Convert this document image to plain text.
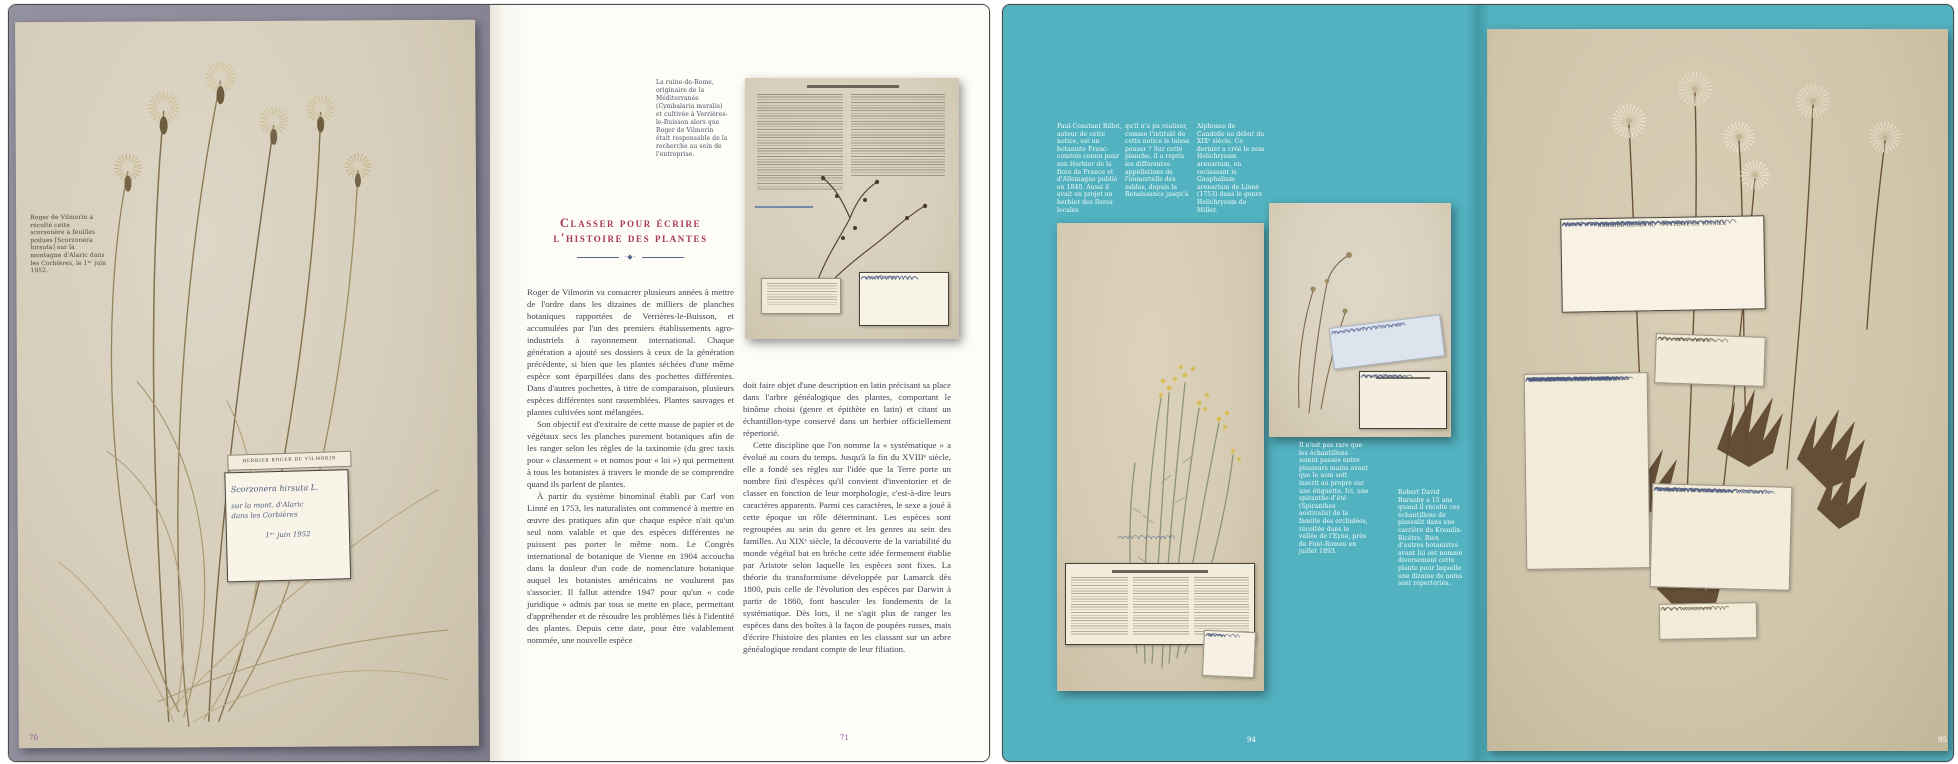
Roger de Vilmorin a récolté cette scorsonère à feuilles poilues [Scorzonera hirsuta] sur la montagne d'Alaric dans les Corbières, le 1ᵉʳ juin 1952.
HERBIER ROGER DE VILMORIN
Scorzonera hirsuta L.
sur la mont. d'Alaric
dans les Corbières
1ᵉʳ juin 1952
70
La ruine-de-Rome, originaire de la Méditerranée (Cymbalaria muralis) et cultivée à Verrières-le-Buisson alors que Roger de Vilmorin était responsable de la recherche au sein de l'entreprise.
Classer pour écrire
l'histoire des plantes
·◆·

Roger de Vilmorin va consacrer plusieurs années à mettre de l'ordre dans les dizaines de milliers de planches botaniques rapportées de Verrières-le-Buisson, et accumulées par l'un des premiers établissements agro-industriels à rayonnement international. Chaque génération a ajouté ses dossiers à ceux de la génération précédente, si bien que les plantes séchées d'une même espèce sont éparpillées dans des pochettes différentes. Dans d'autres pochettes, à titre de comparaison, plusieurs espèces différentes sont rassemblées. Plantes sauvages et plantes cultivées sont mélangées.

Son objectif est d'extraire de cette masse de papier et de végétaux secs les planches purement botaniques afin de les ranger selon les règles de la taxinomie (du grec taxis pour « classement » et nomos pour « loi ») qui permettent à tous les botanistes à travers le monde de se comprendre quand ils parlent de plantes.

À partir du système binominal établi par Carl von Linné en 1753, les naturalistes ont commencé à mettre en œuvre des pratiques afin que chaque espèce n'ait qu'un seul nom valable et que des espèces différentes ne puissent pas porter le même nom. Le Congrès international de botanique de Vienne en 1904 accoucha dans la douleur d'un code de nomenclature botanique auquel les botanistes américains ne voulurent pas s'associer. Il fallut attendre 1947 pour qu'un « code juridique » admis par tous se mette en place, permettant d'appréhender et de résoudre les problèmes liés à l'identité des plantes. Depuis cette date, pour être valablement nommée, une nouvelle espèce

doit faire objet d'une description en latin précisant sa place dans l'arbre généalogique des plantes, comportant le binôme choisi (genre et épithète en latin) et citant un échantillon-type conservé dans un herbier officiellement répertorié.

Cette discipline que l'on nomme la « systématique » a évolué au cours du temps. Jusqu'à la fin du XVIIIᵉ siècle, elle a fondé ses règles sur l'idée que la Terre porte un nombre fini d'espèces qu'il convient d'inventorier et de classer en fonction de leur morphologie, c'est-à-dire leurs caractères apparents. Parmi ces caractères, le sexe a joué à cette époque un rôle déterminant. Les espèces sont regroupées au sein du genre et les genres au sein des familles. Au XIXᵉ siècle, la découverte de la variabilité du monde végétal bat en brèche cette idée fermement établie par Aristote selon laquelle les espèces sont fixes. La théorie du transformisme développée par Lamarck dès 1800, puis celle de l'évolution des espèces par Darwin à partir de 1860, font basculer les fondements de la systématique. Dès lors, il ne s'agit plus de ranger les espèces dans des boîtes à la façon de poupées russes, mais d'écrire l'histoire des plantes en les classant sur un arbre généalogique rendant compte de leur filiation.

71
Paul-Constant Billot, auteur de cette notice, est un botaniste Franc-comtois connu pour son Herbier de la flore de France et d'Allemagne publié en 1840. Aussi il avait en projet un herbier des flores locales
qu'il n'a pu réaliser, comme l'intitulé de cette notice le laisse penser ? Sur cette planche, il a repris les différentes appellations de l'immortelle des sables, depuis la Renaissance jusqu'à
Alphonse de Candolle au début du XIXᵉ siècle. Ce dernier a créé le nom Helichrysum arenarium, en reclassant le Gnaphalium arenarium de Linné (1753) dans le genre Helichrysum de Miller.
Il n'est pas rare que les échantillons soient passés entre plusieurs mains avant que le nom soit inscrit au propre sur une étiquette. Ici, une spiranthe d'été (Spiranthes aestivalis) de la famille des orchidées, récoltée dans la vallée de l'Eyne, près de Font-Romeu en juillet 1893.
Robert David Barneby a 15 ans quand il récolte ces échantillons de pissenlit dans une carrière du Kremlin-Bicêtre. Bien d'autres botanistes avant lui ont nommé diversement cette plante pour laquelle une dizaine de noms sont répertoriés.
94
HERBIER GÉNÉRAL · SYSTÈME DE JUSSIEU
95
